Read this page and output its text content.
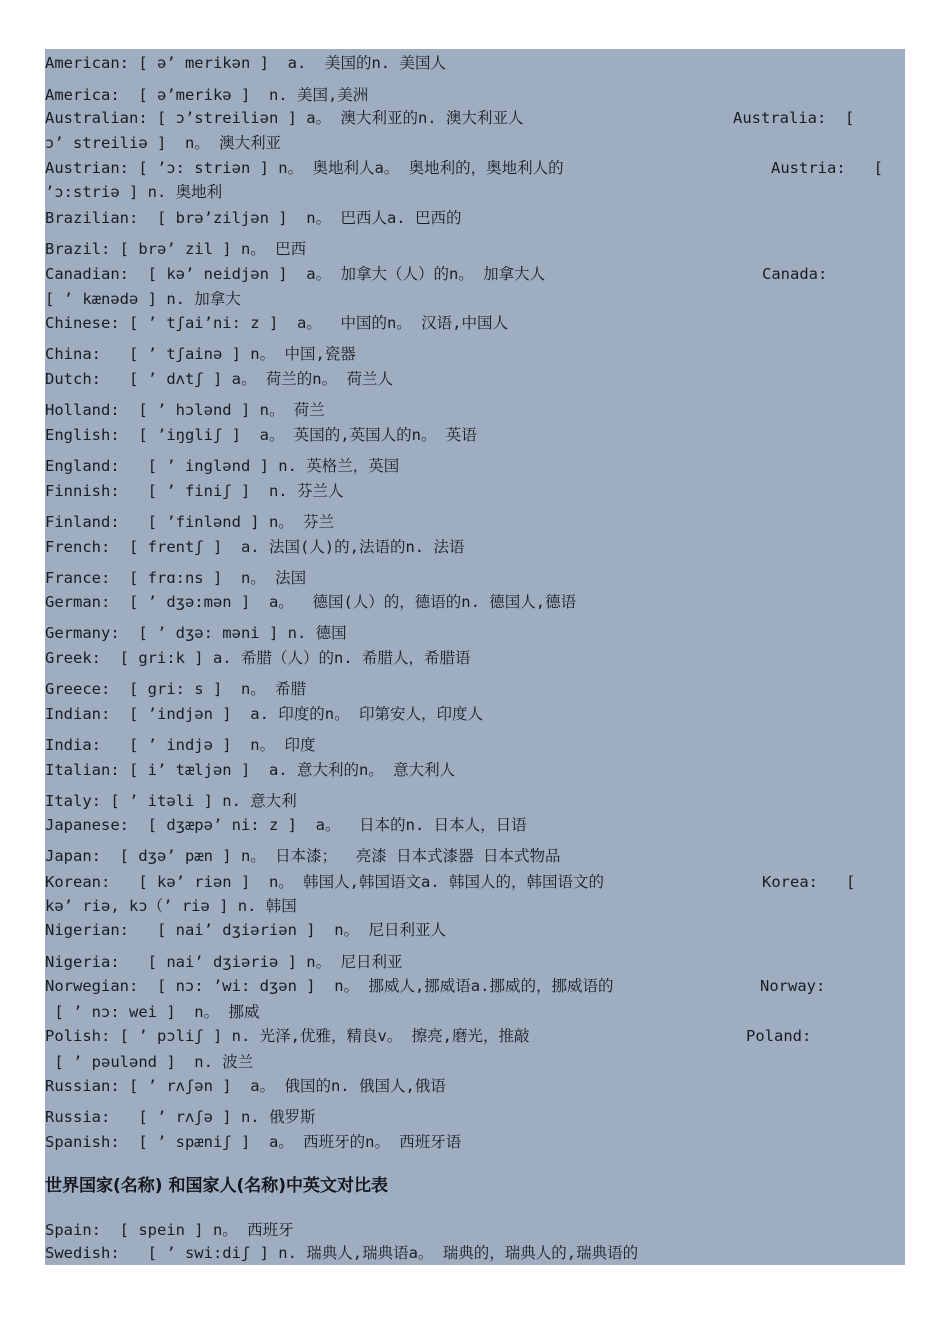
American: [ ə’ merikən ]  a.  美国的n. 美国人
America:  [ ə’merikə ]  n. 美国,美洲
Australian: [ ɔ’streiliən ] a。 澳大利亚的n. 澳大利亚人	Australia:  [
ɔ’ streiliə ]  n。 澳大利亚
Austrian: [ ’ɔ: striən ] n。 奥地利人a。 奥地利的，奥地利人的	Austria:   [
’ɔ:striə ] n. 奥地利
Brazilian:  [ brə’ziljən ]  n。 巴西人a. 巴西的
Brazil: [ brə’ zil ] n。 巴西
Canadian:  [ kə’ neidjən ]  a。 加拿大（人）的n。 加拿大人	Canada:
[ ’ kænədə ] n. 加拿大
Chinese: [ ’ tʃai’ni: z ]  a。  中国的n。 汉语,中国人
China:   [ ’ tʃainə ] n。 中国,瓷器
Dutch:   [ ’ dʌtʃ ] a。 荷兰的n。 荷兰人
Holland:  [ ’ hɔlənd ] n。 荷兰
English:  [ ’iŋgliʃ ]  a。 英国的,英国人的n。 英语
England:   [ ’ inglənd ] n. 英格兰，英国
Finnish:   [ ’ finiʃ ]  n. 芬兰人
Finland:   [ ’finlənd ] n。 芬兰
French:  [ frentʃ ]  a. 法国(人)的,法语的n. 法语
France:  [ frɑ:ns ]  n。 法国
German:  [ ’ dʒə:mən ]  a。  德国(人）的，德语的n. 德国人,德语
Germany:  [ ’ dʒə: məni ] n. 德国
Greek:  [ gri:k ] a. 希腊（人）的n. 希腊人，希腊语
Greece:  [ gri: s ]  n。 希腊
Indian:  [ ’indjən ]  a. 印度的n。 印第安人，印度人
India:   [ ’ indjə ]  n。 印度
Italian: [ i’ tæljən ]  a. 意大利的n。 意大利人
Italy: [ ’ itəli ] n. 意大利
Japanese:  [ dʒæpə’ ni: z ]  a。  日本的n. 日本人，日语
Japan:  [ dʒə’ pæn ] n。 日本漆；  亮漆 日本式漆器 日本式物品
Korean:   [ kə’ riən ]  n。 韩国人,韩国语文a. 韩国人的，韩国语文的	Korea:   [
kə’ riə, kɔ（’ riə ] n. 韩国
Nigerian:   [ nai’ dʒiəriən ]  n。 尼日利亚人
Nigeria:   [ nai’ dʒiəriə ] n。 尼日利亚
Norwegian:  [ nɔ: ’wi: dʒən ]  n。 挪威人,挪威语a.挪威的，挪威语的	Norway:
[ ’ nɔ: wei ]  n。 挪威
Polish: [ ’ pɔliʃ ] n. 光泽,优雅，精良v。 擦亮,磨光，推敲	Poland:
[ ’ pəulənd ]  n. 波兰
Russian: [ ’ rʌʃən ]  a。 俄国的n. 俄国人,俄语
Russia:   [ ’ rʌʃə ] n. 俄罗斯
Spanish:  [ ’ spæniʃ ]  a。 西班牙的n。 西班牙语
世界国家(名称) 和国家人(名称)中英文对比表
Spain:  [ spein ] n。 西班牙
Swedish:   [ ’ swi:diʃ ] n. 瑞典人,瑞典语a。 瑞典的，瑞典人的,瑞典语的
